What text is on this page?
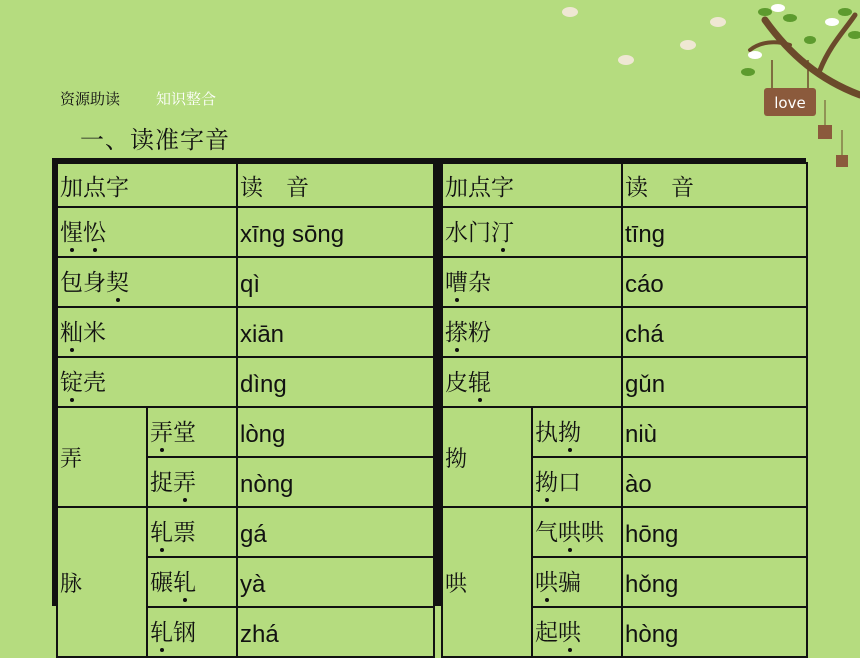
love
资源助读 知识整合
一、读准字音
加点字		读　音
惺忪		xīng sōng
包身契		qì
籼米		xiān
锭壳		dìng
弄	弄堂	lòng
	捉弄	nòng
脉	轧票	gá
	碾轧	yà
	轧钢	zhá
加点字		读　音
水门汀		tīng
嘈杂		cáo
搽粉		chá
皮辊		gǔn
拗	执拗	niù
	拗口	ào
哄	气哄哄	hōng
	哄骗	hǒng
	起哄	hòng
